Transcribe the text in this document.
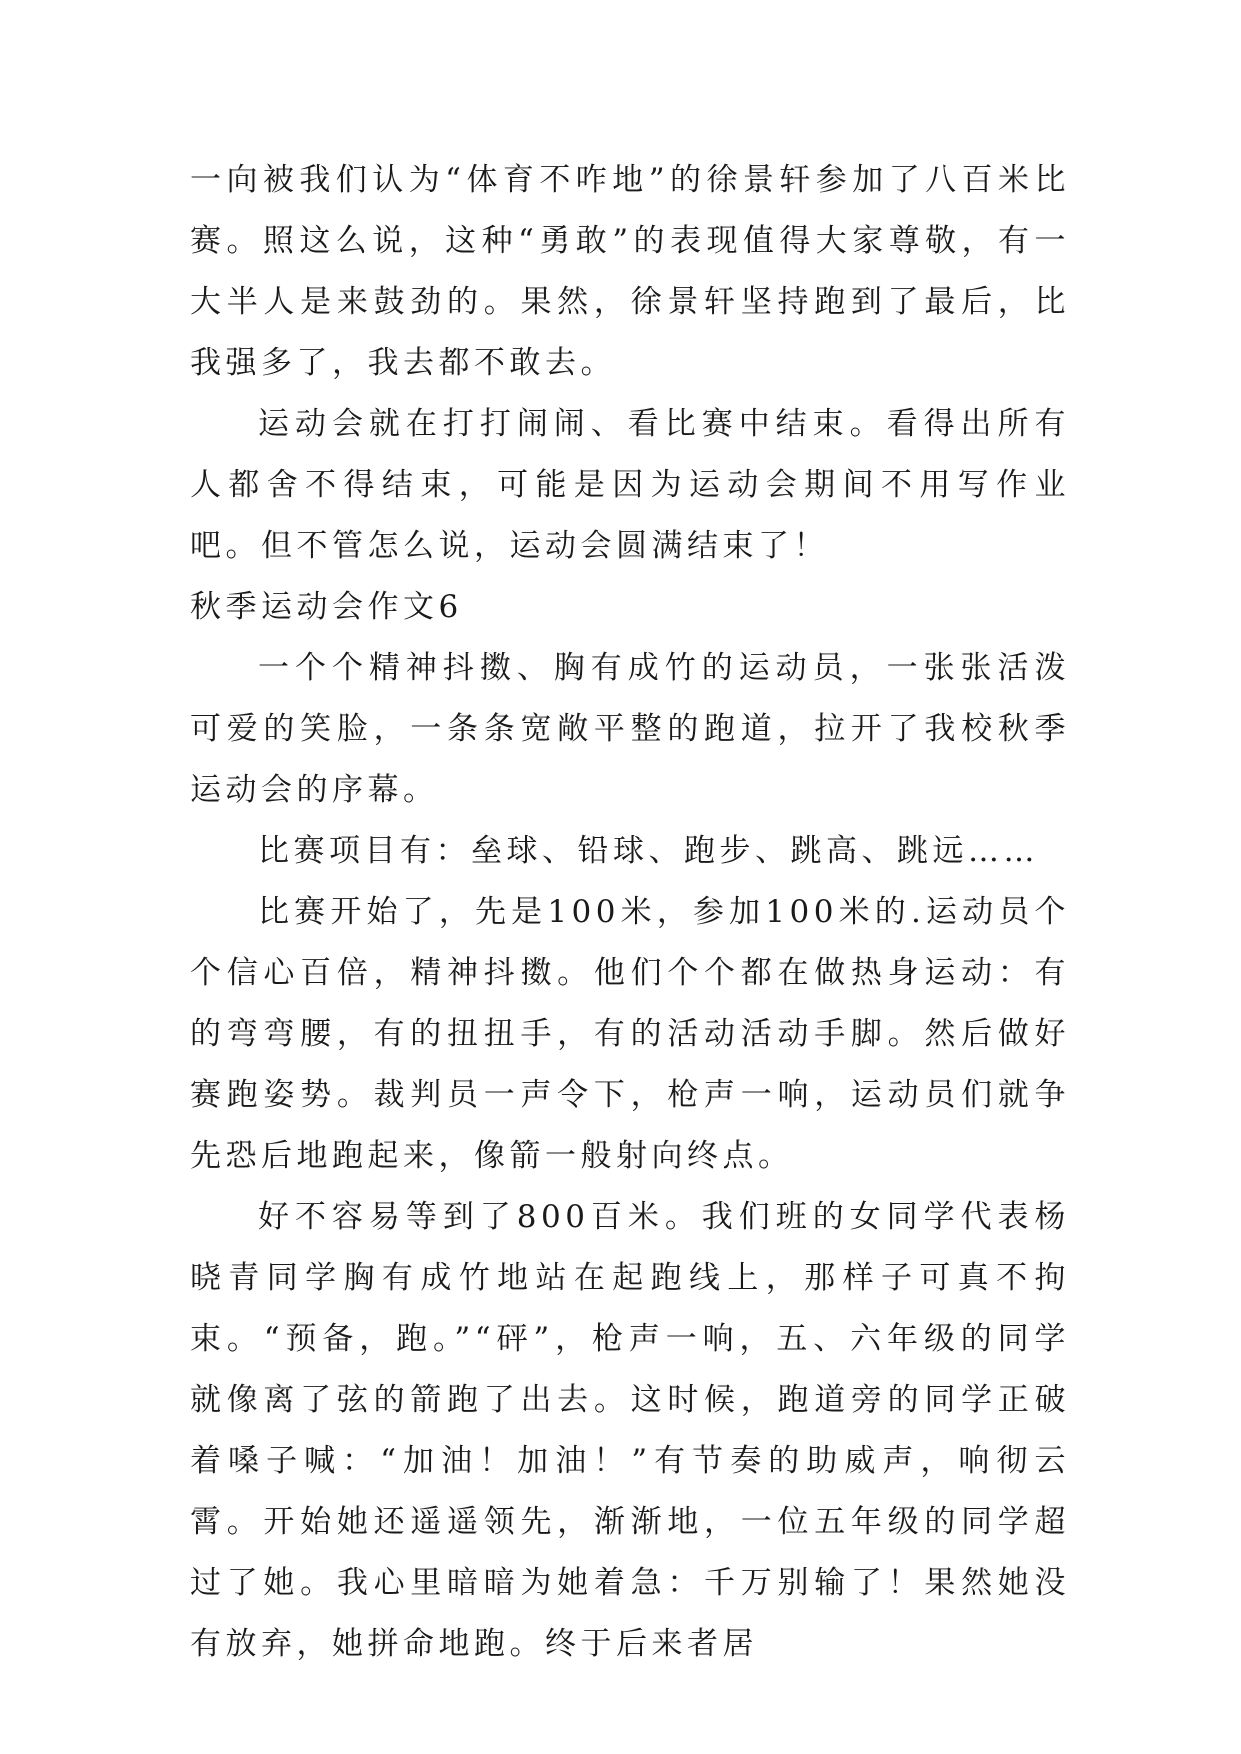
一向被我们认为“体育不咋地”的徐景轩参加了八百米比赛。照这么说，这种“勇敢”的表现值得大家尊敬，有一大半人是来鼓劲的。果然，徐景轩坚持跑到了最后，比我强多了，我去都不敢去。

运动会就在打打闹闹、看比赛中结束。看得出所有人都舍不得结束，可能是因为运动会期间不用写作业吧。但不管怎么说，运动会圆满结束了！

秋季运动会作文6

一个个精神抖擞、胸有成竹的运动员，一张张活泼可爱的笑脸，一条条宽敞平整的跑道，拉开了我校秋季运动会的序幕。

比赛项目有：垒球、铅球、跑步、跳高、跳远……

比赛开始了，先是100米，参加100米的.运动员个个信心百倍，精神抖擞。他们个个都在做热身运动：有的弯弯腰，有的扭扭手，有的活动活动手脚。然后做好赛跑姿势。裁判员一声令下，枪声一响，运动员们就争先恐后地跑起来，像箭一般射向终点。

好不容易等到了800百米。我们班的女同学代表杨晓青同学胸有成竹地站在起跑线上，那样子可真不拘束。“预备，跑。”“砰”，枪声一响，五、六年级的同学就像离了弦的箭跑了出去。这时候，跑道旁的同学正破着嗓子喊：“加油！加油！”有节奏的助威声，响彻云霄。开始她还遥遥领先，渐渐地，一位五年级的同学超过了她。我心里暗暗为她着急：千万别输了！果然她没有放弃，她拼命地跑。终于后来者居
